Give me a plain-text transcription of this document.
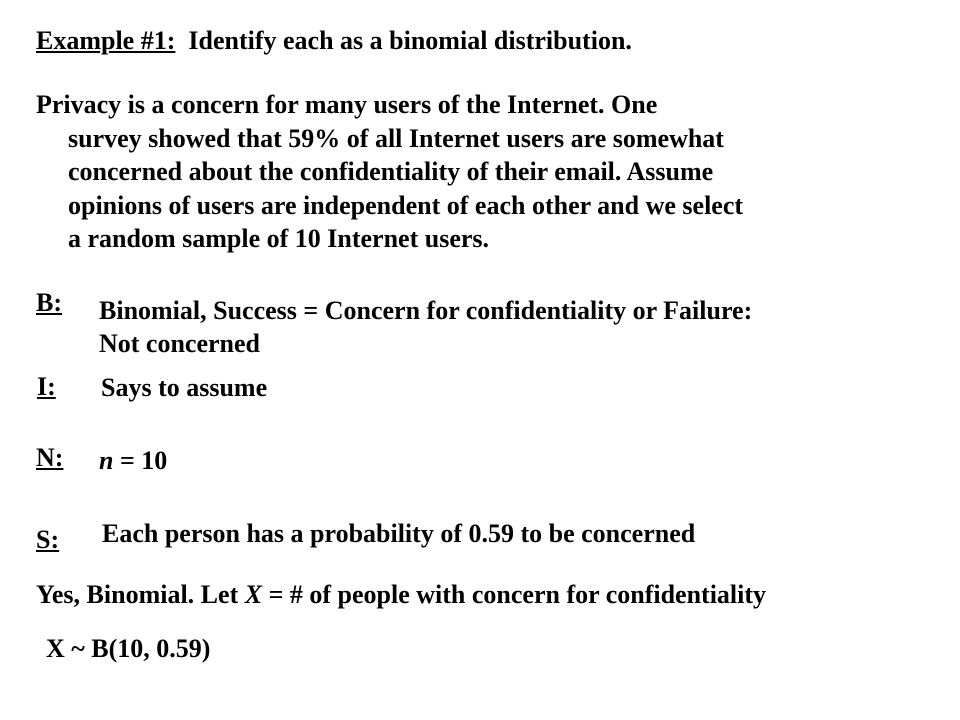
Example #1: Identify each as a binomial distribution.
Privacy is a concern for many users of the Internet. One
survey showed that 59% of all Internet users are somewhat
concerned about the confidentiality of their email. Assume
opinions of users are independent of each other and we select
a random sample of 10 Internet users.
B: Binomial, Success = Concern for confidentiality or Failure:
Not concerned
I: Says to assume
N: n = 10
S: Each person has a probability of 0.59 to be concerned
Yes, Binomial. Let X = # of people with concern for confidentiality
X ~ B(10, 0.59)
